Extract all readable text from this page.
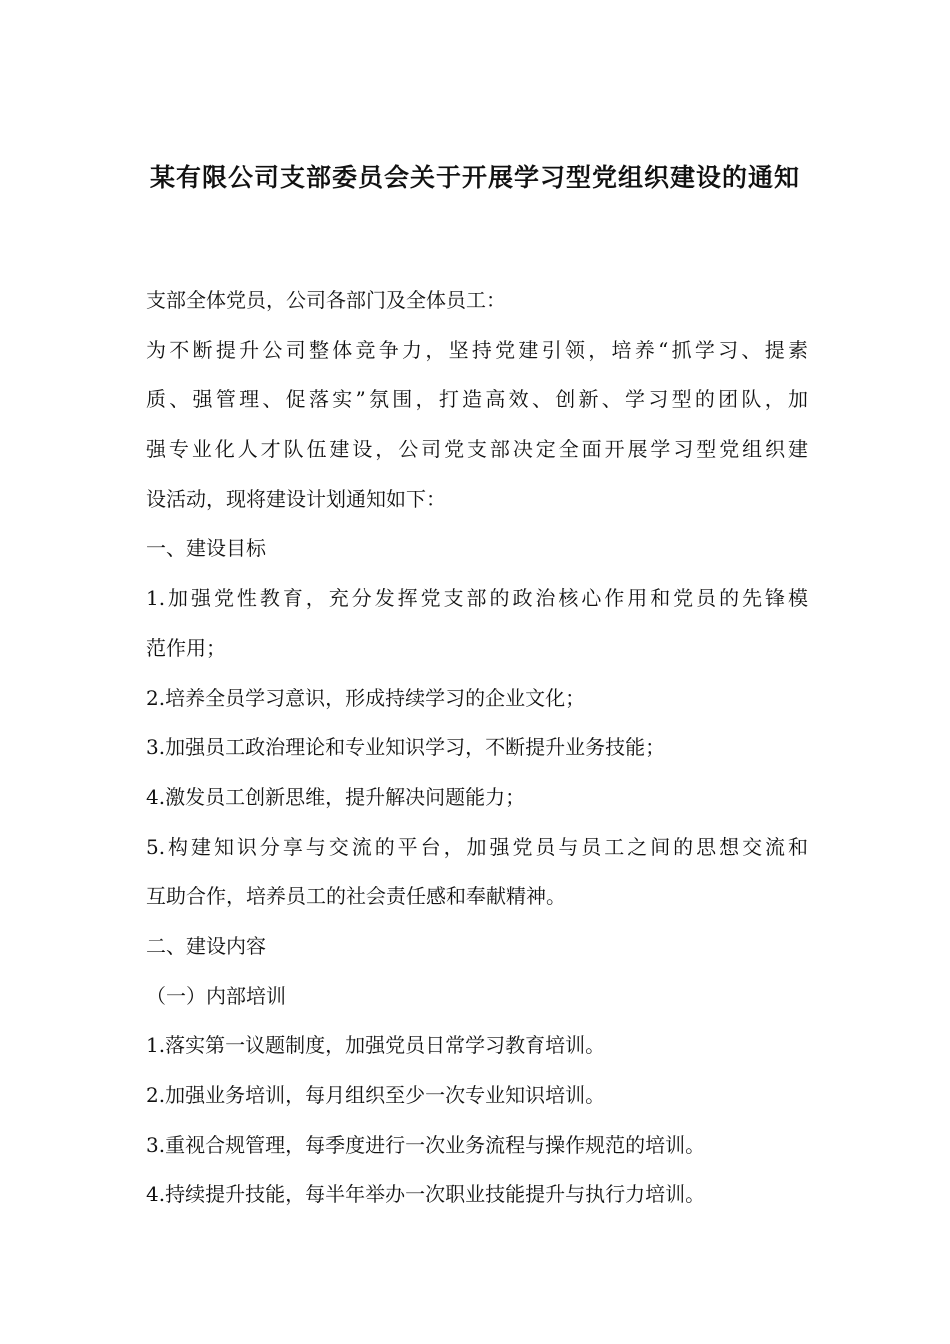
某有限公司支部委员会关于开展学习型党组织建设的通知
支部全体党员，公司各部门及全体员工：
为不断提升公司整体竞争力，坚持党建引领，培养“抓学习、提素
质、强管理、促落实”氛围，打造高效、创新、学习型的团队，加
强专业化人才队伍建设，公司党支部决定全面开展学习型党组织建
设活动，现将建设计划通知如下：
一、建设目标
1.加强党性教育，充分发挥党支部的政治核心作用和党员的先锋模
范作用；
2.培养全员学习意识，形成持续学习的企业文化；
3.加强员工政治理论和专业知识学习，不断提升业务技能；
4.激发员工创新思维，提升解决问题能力；
5.构建知识分享与交流的平台，加强党员与员工之间的思想交流和
互助合作，培养员工的社会责任感和奉献精神。
二、建设内容
（一）内部培训
1.落实第一议题制度，加强党员日常学习教育培训。
2.加强业务培训，每月组织至少一次专业知识培训。
3.重视合规管理，每季度进行一次业务流程与操作规范的培训。
4.持续提升技能，每半年举办一次职业技能提升与执行力培训。
